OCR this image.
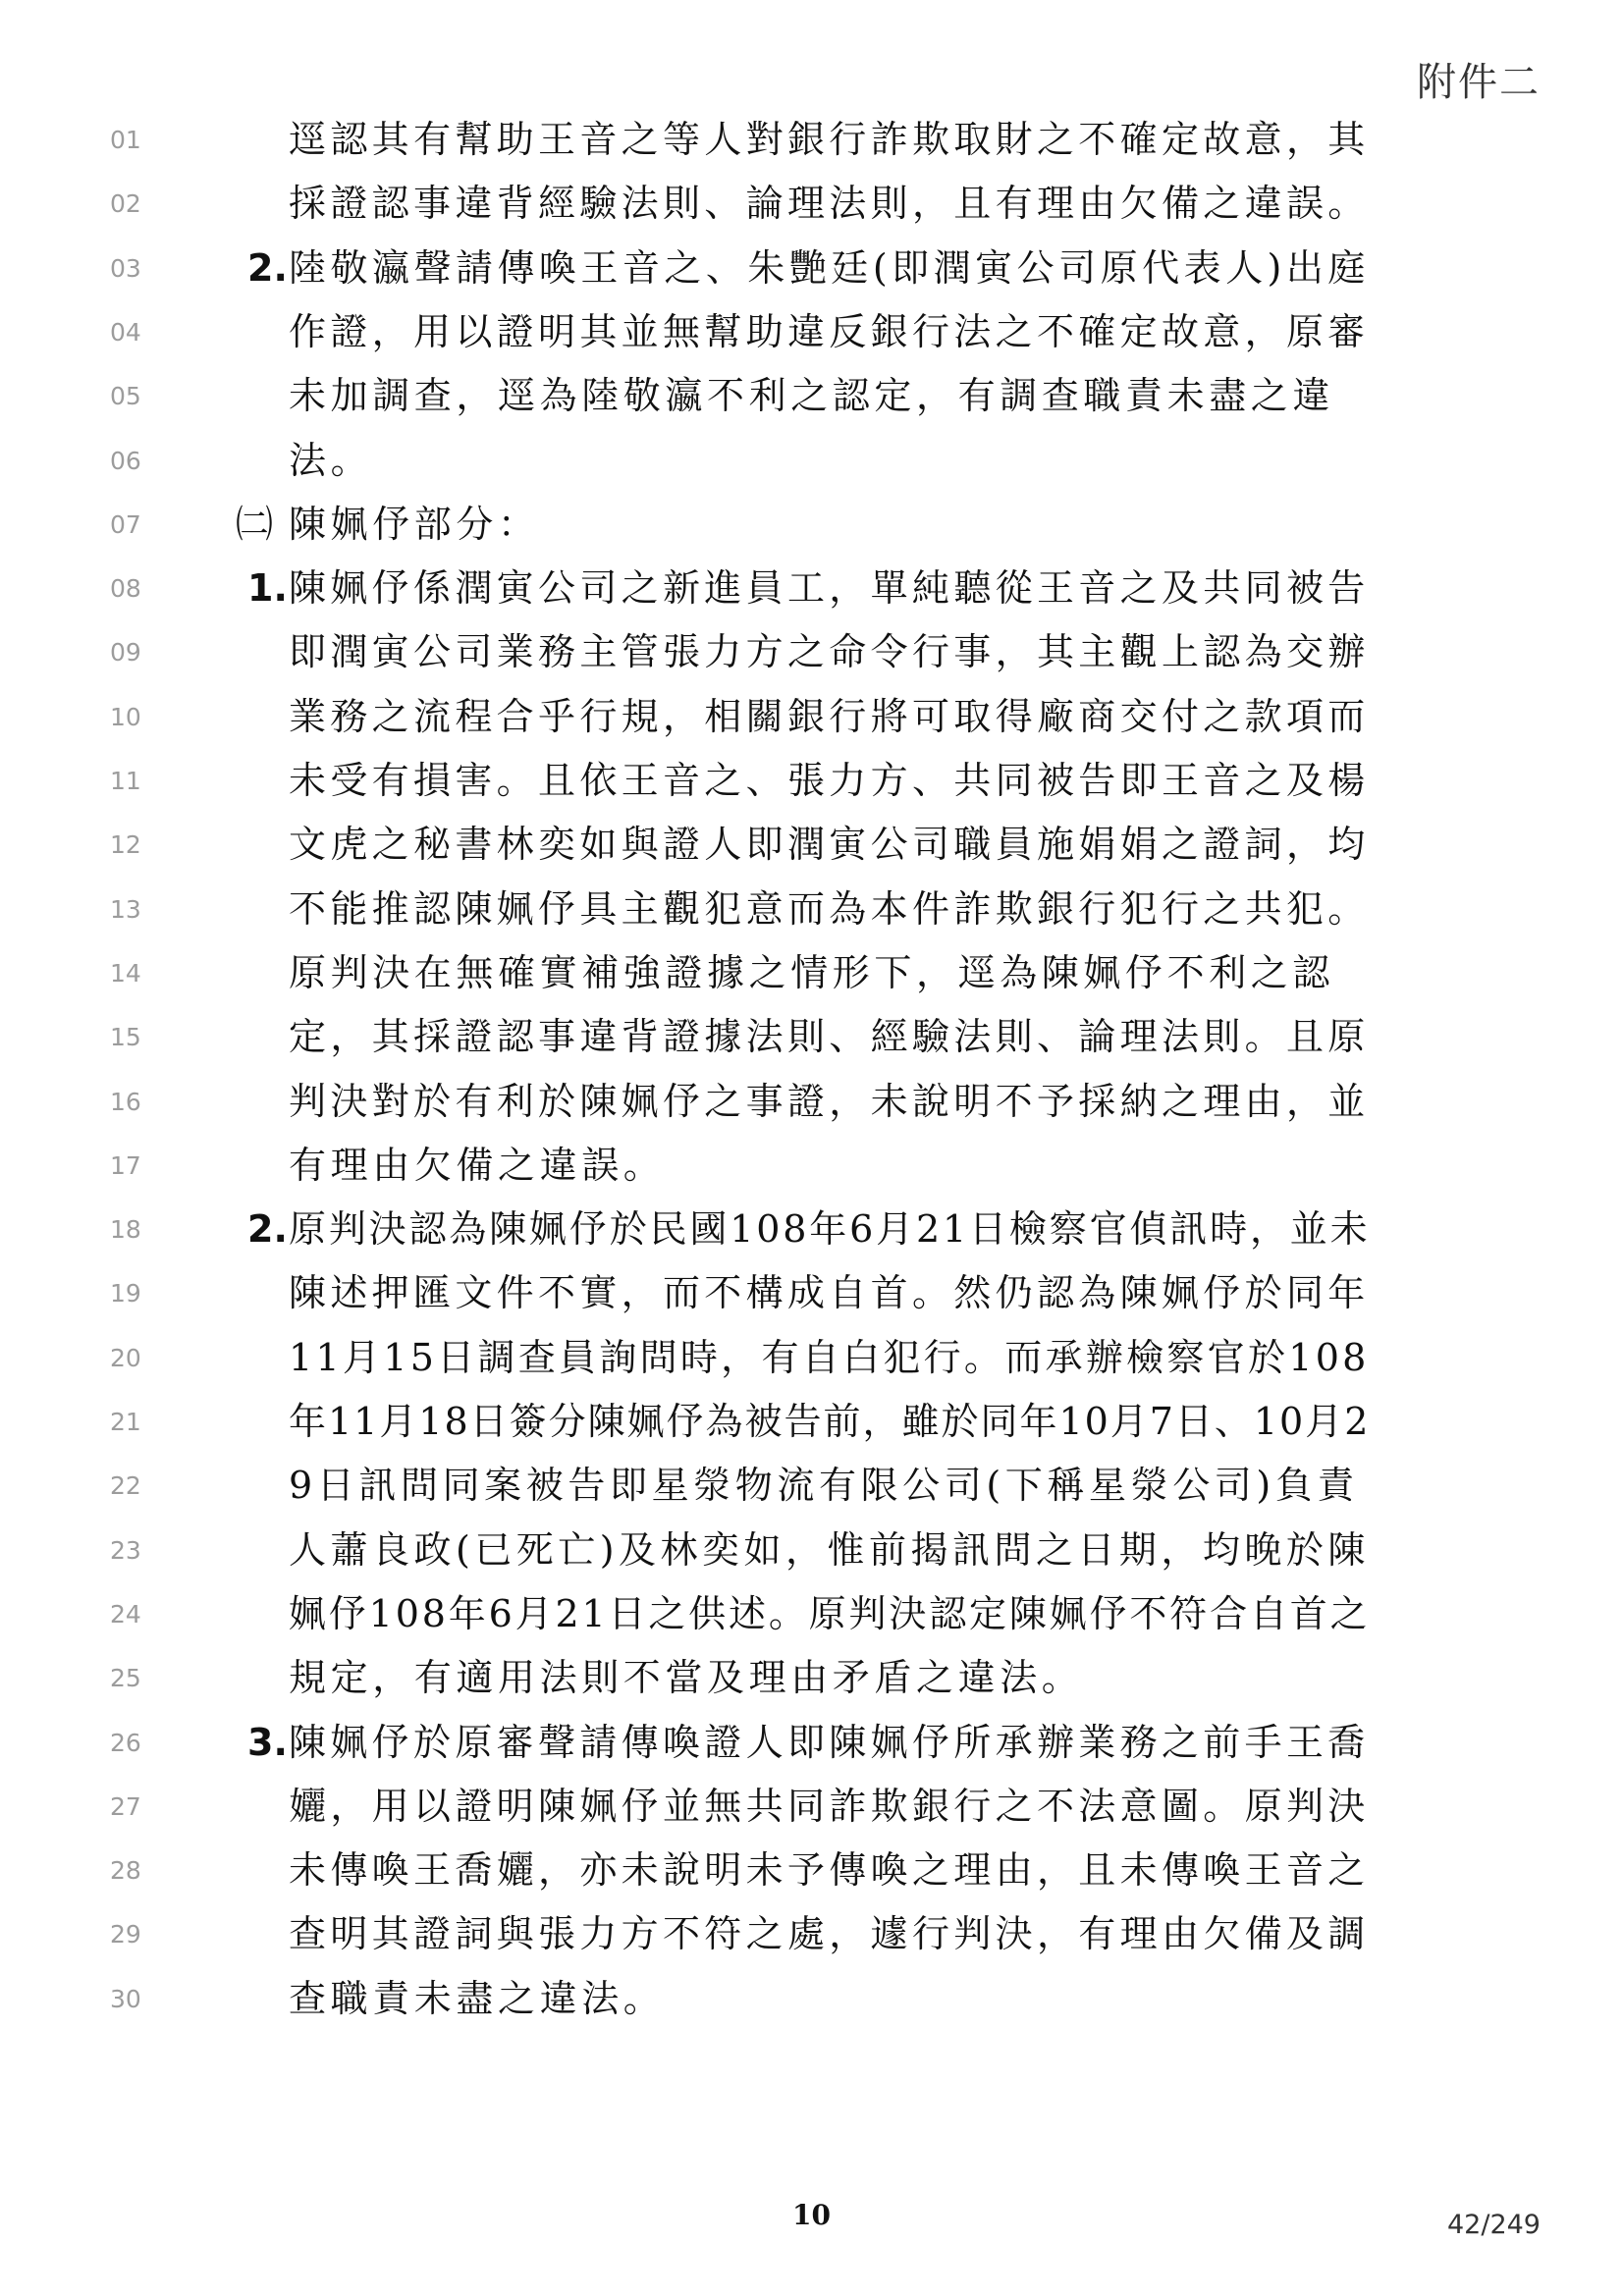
附件二
01	逕認其有幫助王音之等人對銀行詐欺取財之不確定故意，其
02	採證認事違背經驗法則、論理法則，且有理由欠備之違誤。
03	2. 陸敬瀛聲請傳喚王音之、朱艷廷(即潤寅公司原代表人)出庭
04	作證，用以證明其並無幫助違反銀行法之不確定故意，原審
05	未加調查，逕為陸敬瀛不利之認定，有調查職責未盡之違
06	法。
07	㈡ 陳姵伃部分：
08	1. 陳姵伃係潤寅公司之新進員工，單純聽從王音之及共同被告
09	即潤寅公司業務主管張力方之命令行事，其主觀上認為交辦
10	業務之流程合乎行規，相關銀行將可取得廠商交付之款項而
11	未受有損害。且依王音之、張力方、共同被告即王音之及楊
12	文虎之秘書林奕如與證人即潤寅公司職員施娟娟之證詞，均
13	不能推認陳姵伃具主觀犯意而為本件詐欺銀行犯行之共犯。
14	原判決在無確實補強證據之情形下，逕為陳姵伃不利之認
15	定，其採證認事違背證據法則、經驗法則、論理法則。且原
16	判決對於有利於陳姵伃之事證，未說明不予採納之理由，並
17	有理由欠備之違誤。
18	2. 原判決認為陳姵伃於民國108年6月21日檢察官偵訊時，並未
19	陳述押匯文件不實，而不構成自首。然仍認為陳姵伃於同年
20	11月15日調查員詢問時，有自白犯行。而承辦檢察官於108
21	年11月18日簽分陳姵伃為被告前，雖於同年10月7日、10月2
22	9日訊問同案被告即星滎物流有限公司(下稱星滎公司)負責
23	人蕭良政(已死亡)及林奕如，惟前揭訊問之日期，均晚於陳
24	姵伃108年6月21日之供述。原判決認定陳姵伃不符合自首之
25	規定，有適用法則不當及理由矛盾之違法。
26	3. 陳姵伃於原審聲請傳喚證人即陳姵伃所承辦業務之前手王喬
27	孋，用以證明陳姵伃並無共同詐欺銀行之不法意圖。原判決
28	未傳喚王喬孋，亦未說明未予傳喚之理由，且未傳喚王音之
29	查明其證詞與張力方不符之處，遽行判決，有理由欠備及調
30	查職責未盡之違法。
10	42/249
